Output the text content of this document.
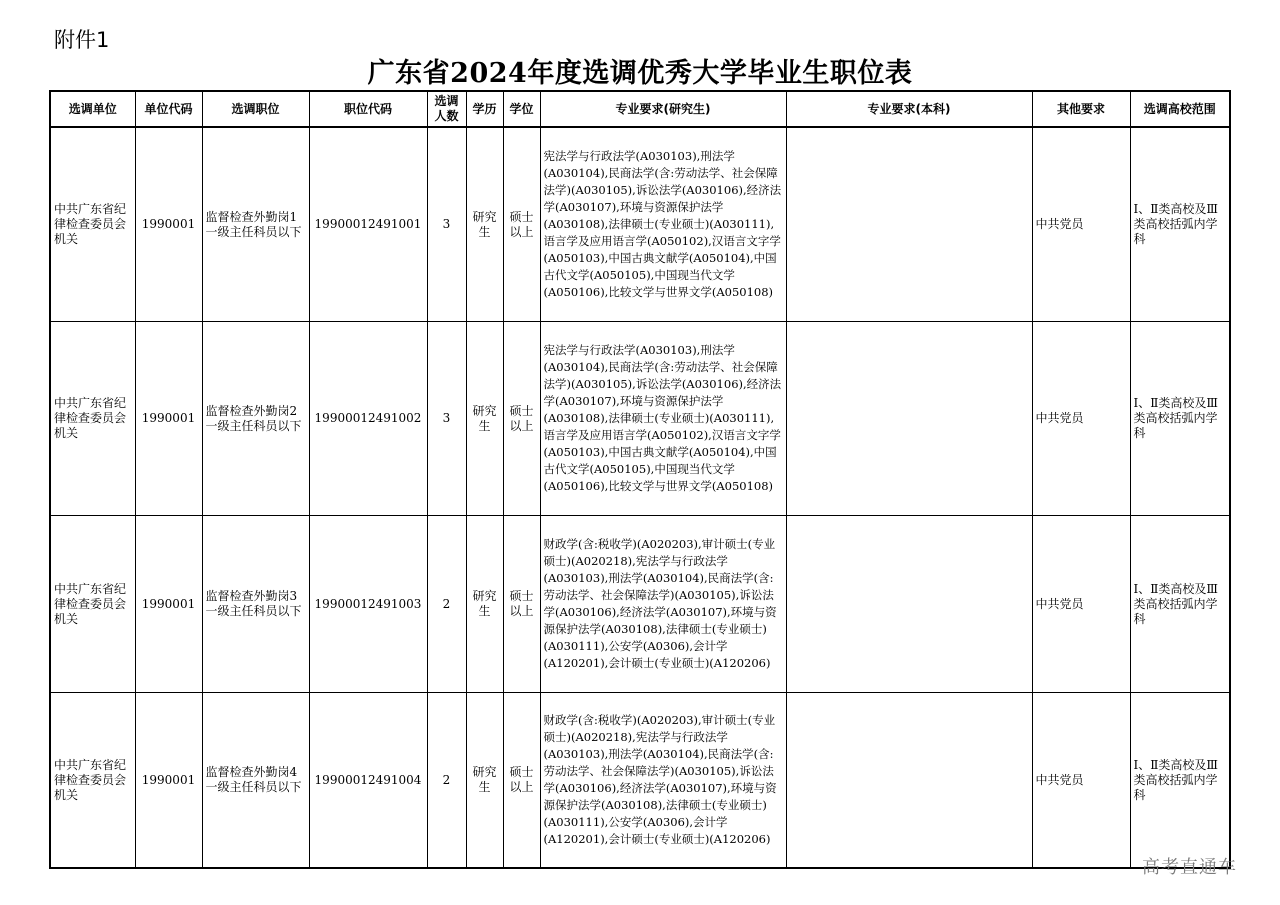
附件1
广东省2024年度选调优秀大学毕业生职位表
选调单位	单位代码	选调职位	职位代码	选调人数	学历	学位	专业要求(研究生)	专业要求(本科)	其他要求	选调高校范围
中共广东省纪律检查委员会机关	1990001	监督检查外勤岗1一级主任科员以下	19900012491001	3	研究生	硕士以上	宪法学与行政法学(A030103),刑法学(A030104),民商法学(含:劳动法学、社会保障法学)(A030105),诉讼法学(A030106),经济法学(A030107),环境与资源保护法学(A030108),法律硕士(专业硕士)(A030111),语言学及应用语言学(A050102),汉语言文字学(A050103),中国古典文献学(A050104),中国古代文学(A050105),中国现当代文学(A050106),比较文学与世界文学(A050108)		中共党员	Ⅰ、Ⅱ类高校及Ⅲ类高校括弧内学科
中共广东省纪律检查委员会机关	1990001	监督检查外勤岗2一级主任科员以下	19900012491002	3	研究生	硕士以上	宪法学与行政法学(A030103),刑法学(A030104),民商法学(含:劳动法学、社会保障法学)(A030105),诉讼法学(A030106),经济法学(A030107),环境与资源保护法学(A030108),法律硕士(专业硕士)(A030111),语言学及应用语言学(A050102),汉语言文字学(A050103),中国古典文献学(A050104),中国古代文学(A050105),中国现当代文学(A050106),比较文学与世界文学(A050108)		中共党员	Ⅰ、Ⅱ类高校及Ⅲ类高校括弧内学科
中共广东省纪律检查委员会机关	1990001	监督检查外勤岗3一级主任科员以下	19900012491003	2	研究生	硕士以上	财政学(含:税收学)(A020203),审计硕士(专业硕士)(A020218),宪法学与行政法学(A030103),刑法学(A030104),民商法学(含:劳动法学、社会保障法学)(A030105),诉讼法学(A030106),经济法学(A030107),环境与资源保护法学(A030108),法律硕士(专业硕士)(A030111),公安学(A0306),会计学(A120201),会计硕士(专业硕士)(A120206)		中共党员	Ⅰ、Ⅱ类高校及Ⅲ类高校括弧内学科
中共广东省纪律检查委员会机关	1990001	监督检查外勤岗4一级主任科员以下	19900012491004	2	研究生	硕士以上	财政学(含:税收学)(A020203),审计硕士(专业硕士)(A020218),宪法学与行政法学(A030103),刑法学(A030104),民商法学(含:劳动法学、社会保障法学)(A030105),诉讼法学(A030106),经济法学(A030107),环境与资源保护法学(A030108),法律硕士(专业硕士)(A030111),公安学(A0306),会计学(A120201),会计硕士(专业硕士)(A120206)		中共党员	Ⅰ、Ⅱ类高校及Ⅲ类高校括弧内学科
高考直通车
